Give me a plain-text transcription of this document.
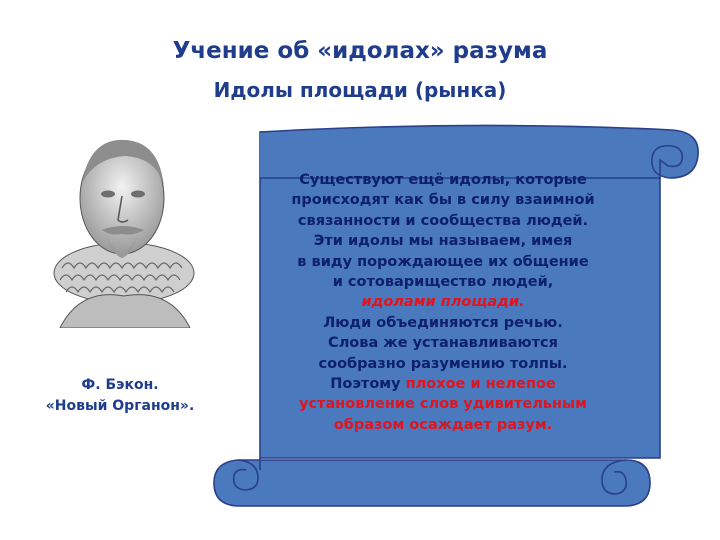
Учение об «идолах» разума
Идолы площади (рынка)
Ф. Бэкон.
«Новый Органон».
Существуют ещё идолы, которые
происходят как бы в силу взаимной
связанности и сообщества людей.
Эти идолы мы называем, имея
в виду порождающее их общение
и сотоварищество людей,
идолами площади.
Люди объединяются речью.
Слова же устанавливаются
сообразно разумению толпы.
Поэтому плохое и нелепое
установление слов удивительным
образом осаждает разум.
